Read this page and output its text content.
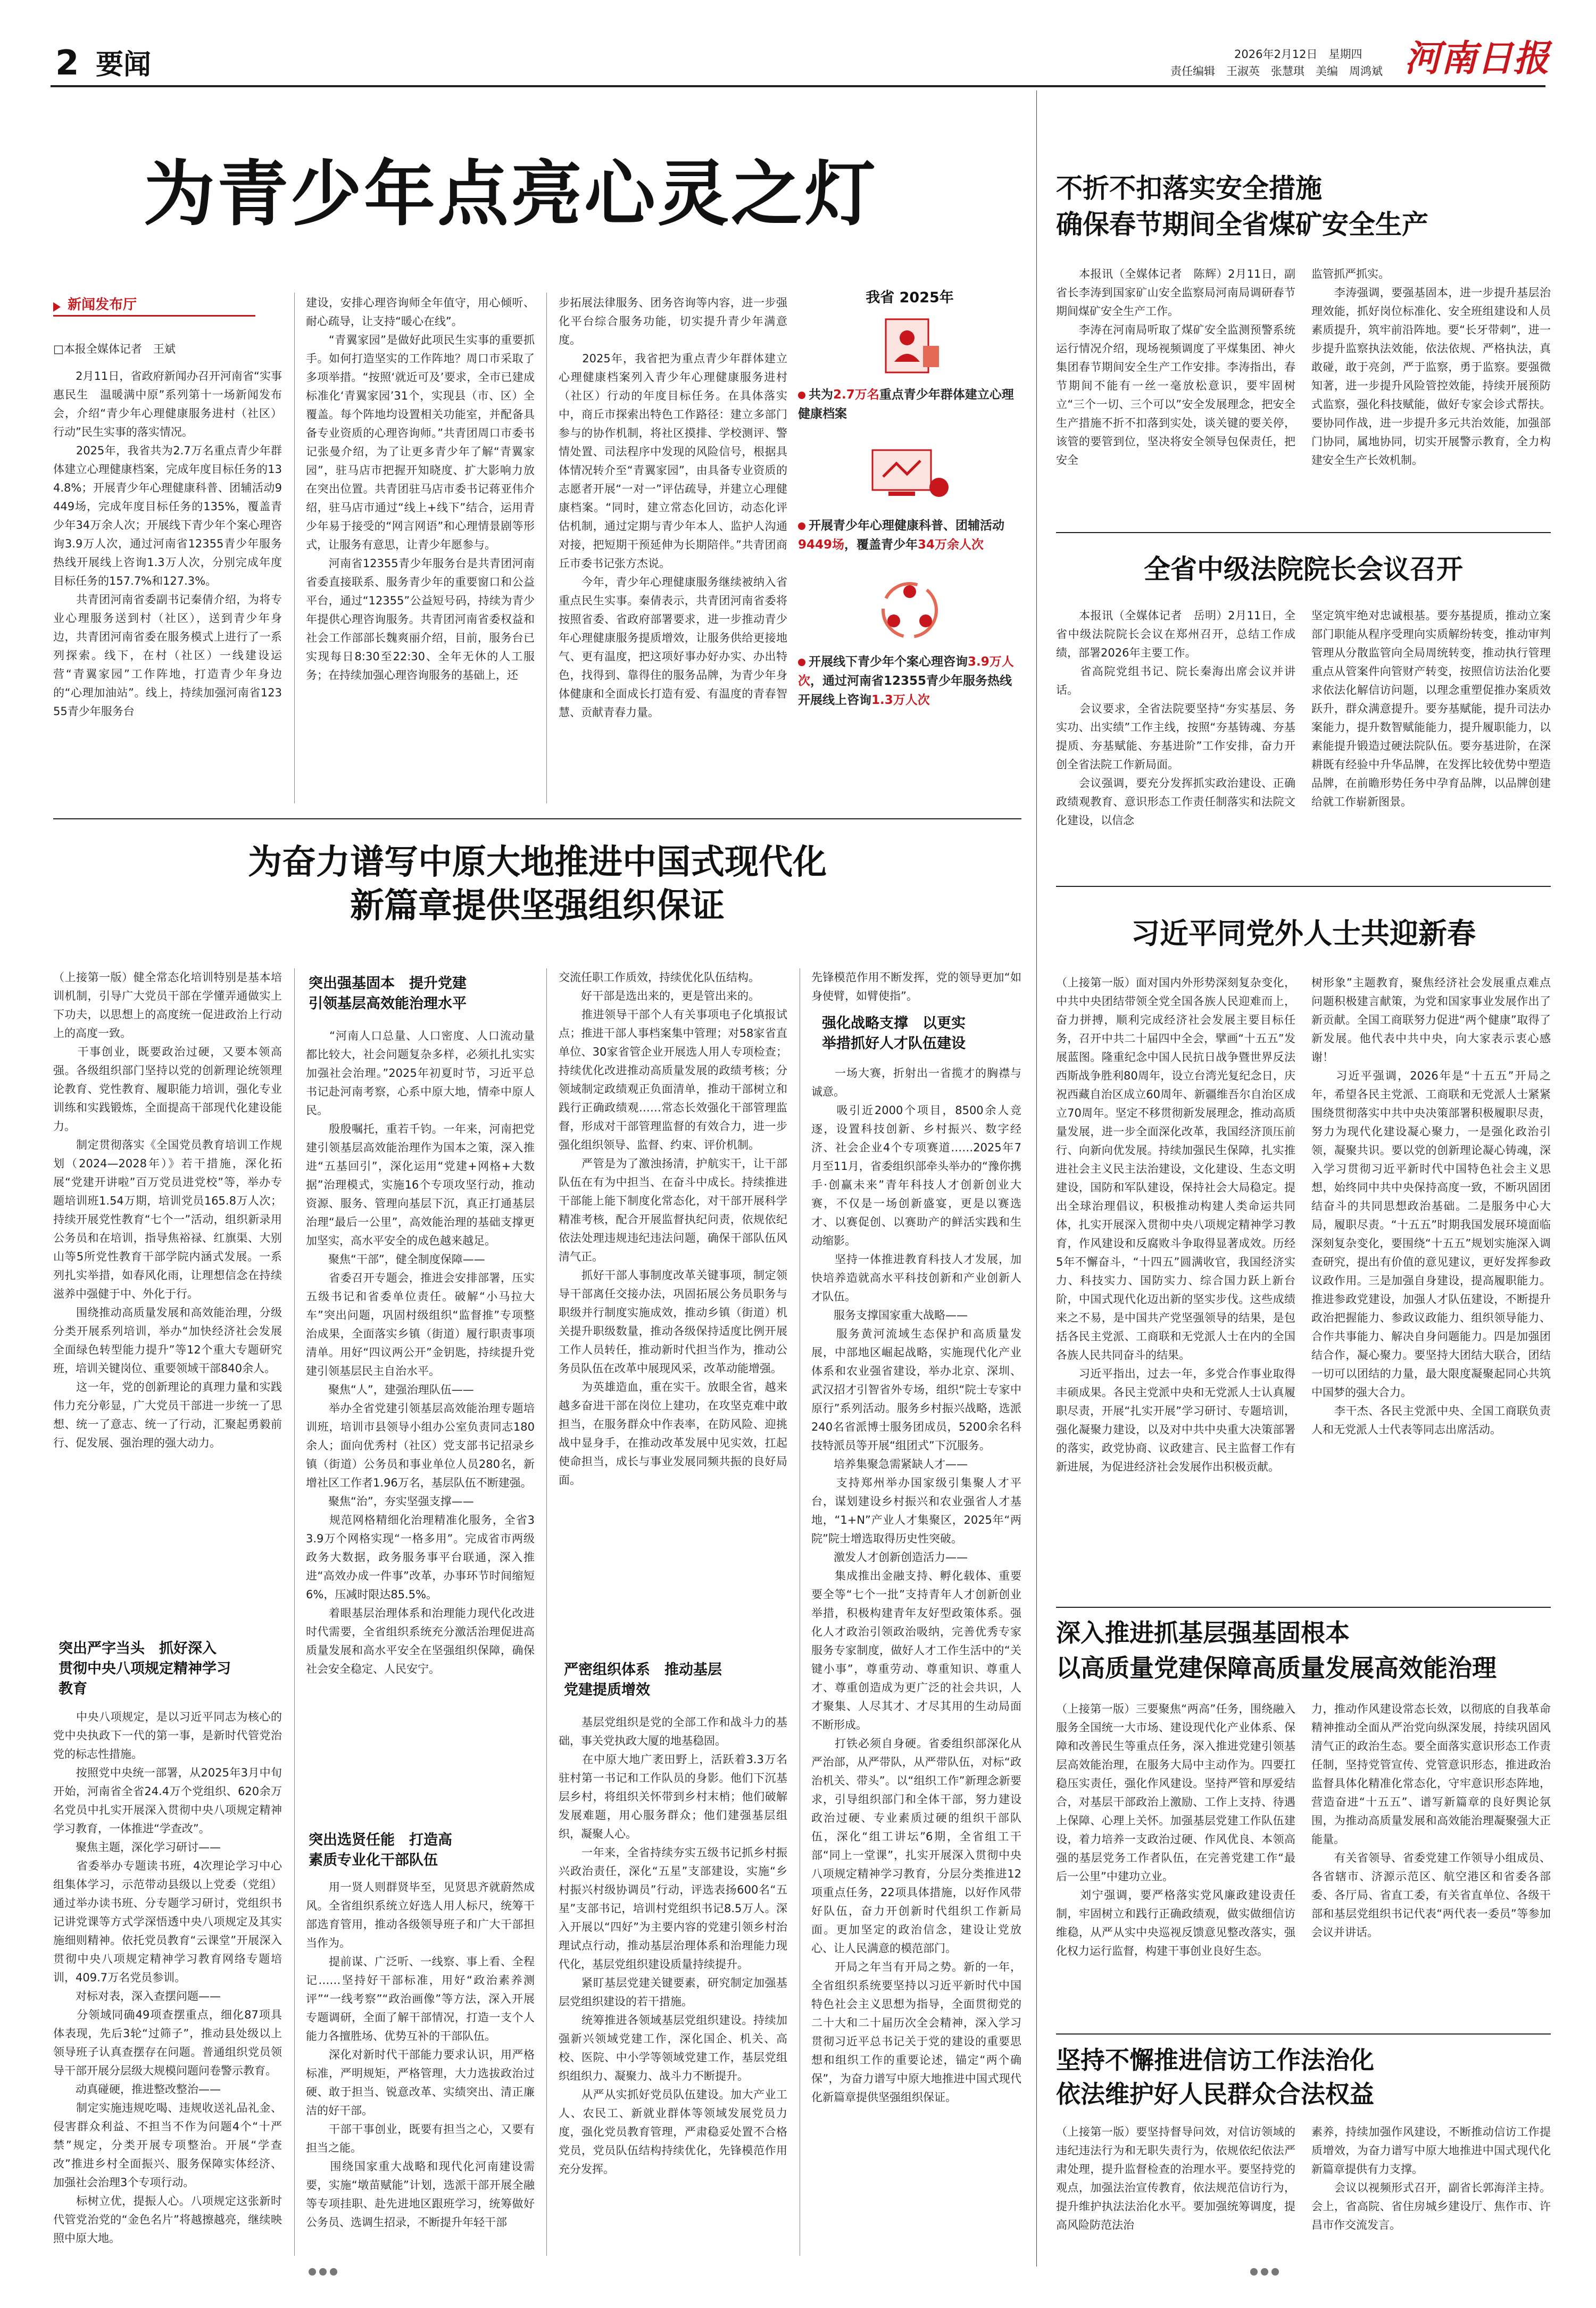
2 要闻	2026年2月12日　星期四
责任编辑　王淑英　张慧琪　美编　周鸿斌 河南日报
为青少年点亮心灵之灯
新闻发布厅
□本报全媒体记者　王斌
　　2月11日，省政府新闻办召开河南省“实事惠民生　温暖满中原”系列第十一场新闻发布会，介绍“青少年心理健康服务进村（社区）行动”民生实事的落实情况。
　　2025年，我省共为2.7万名重点青少年群体建立心理健康档案，完成年度目标任务的134.8%；开展青少年心理健康科普、团辅活动9449场，完成年度目标任务的135%，覆盖青少年34万余人次；开展线下青少年个案心理咨询3.9万人次，通过河南省12355青少年服务热线开展线上咨询1.3万人次，分别完成年度目标任务的157.7%和127.3%。
　　共青团河南省委副书记秦倩介绍，为将专业心理服务送到村（社区），送到青少年身边，共青团河南省委在服务模式上进行了一系列探索。线下，在村（社区）一线建设运营“青翼家园”工作阵地，打造青少年身边的“心理加油站”。线上，持续加强河南省12355青少年服务台
建设，安排心理咨询师全年值守，用心倾听、耐心疏导，让支持“暖心在线”。
　　“青翼家园”是做好此项民生实事的重要抓手。如何打造坚实的工作阵地？周口市采取了多项举措。“按照‘就近可及’要求，全市已建成标准化‘青翼家园’31个，实现县（市、区）全覆盖。每个阵地均设置相关功能室，并配备具备专业资质的心理咨询师。”共青团周口市委书记张曼介绍，为了让更多青少年了解“青翼家园”，驻马店市把握开知晓度、扩大影响力放在突出位置。共青团驻马店市委书记蒋亚伟介绍，驻马店市通过“线上+线下”结合，运用青少年易于接受的“网言网语”和心理情景剧等形式，让服务有意思，让青少年愿参与。
　　河南省12355青少年服务台是共青团河南省委直接联系、服务青少年的重要窗口和公益平台，通过“12355”公益短号码，持续为青少年提供心理咨询服务。共青团河南省委权益和社会工作部部长魏爽丽介绍，目前，服务台已实现每日8:30至22:30、全年无休的人工服务；在持续加强心理咨询服务的基础上，还
步拓展法律服务、团务咨询等内容，进一步强化平台综合服务功能，切实提升青少年满意度。
　　2025年，我省把为重点青少年群体建立心理健康档案列入青少年心理健康服务进村（社区）行动的年度目标任务。在具体落实中，商丘市探索出特色工作路径：建立多部门参与的协作机制，将社区摸排、学校测评、警情处置、司法程序中发现的风险信号，根据具体情况转介至“青翼家园”，由具备专业资质的志愿者开展“一对一”评估疏导，并建立心理健康档案。“同时，建立常态化回访，动态化评估机制，通过定期与青少年本人、监护人沟通对接，把短期干预延伸为长期陪伴。”共青团商丘市委书记张方杰说。
　　今年，青少年心理健康服务继续被纳入省重点民生实事。秦倩表示，共青团河南省委将按照省委、省政府部署要求，进一步推动青少年心理健康服务提质增效，让服务供给更接地气、更有温度，把这项好事办好办实、办出特色，找得到、靠得住的服务品牌，为青少年身体健康和全面成长打造有爱、有温度的青春智慧、贡献青春力量。
我省 2025年
共为2.7万名重点青少年群体建立心理健康档案
开展青少年心理健康科普、团辅活动9449场，覆盖青少年34万余人次
开展线下青少年个案心理咨询3.9万人次，通过河南省12355青少年服务热线开展线上咨询1.3万人次
为奋力谱写中原大地推进中国式现代化
新篇章提供坚强组织保证
（上接第一版）健全常态化培训特别是基本培训机制，引导广大党员干部在学懂弄通做实上下功夫，以思想上的高度统一促进政治上行动上的高度一致。
　　干事创业，既要政治过硬，又要本领高强。各级组织部门坚持以党的创新理论统领理论教育、党性教育、履职能力培训，强化专业训练和实践锻炼，全面提高干部现代化建设能力。
　　制定贯彻落实《全国党员教育培训工作规划（2024—2028年）》若干措施，深化拓展“党建开讲啦”百万党员进党校”等，举办专题培训班1.54万期，培训党员165.8万人次；持续开展党性教育“七个一”活动，组织新录用公务员和在培训，指导焦裕禄、红旗渠、大别山等5所党性教育干部学院内涵式发展。一系列扎实举措，如春风化雨，让理想信念在持续滋养中强健于中、外化于行。
　　围绕推动高质量发展和高效能治理，分级分类开展系列培训，举办“加快经济社会发展全面绿色转型能力提升”等12个重大专题研究班，培训关键岗位、重要领域干部840余人。
　　这一年，党的创新理论的真理力量和实践伟力充分彰显，广大党员干部进一步统一了思想、统一了意志、统一了行动，汇聚起勇毅前行、促发展、强治理的强大动力。
突出严字当头　抓好深入
贯彻中央八项规定精神学习
教育
　　中央八项规定，是以习近平同志为核心的党中央执政下一代的第一事，是新时代管党治党的标志性措施。
　　按照党中央统一部署，从2025年3月中旬开始，河南省全省24.4万个党组织、620余万名党员中扎实开展深入贯彻中央八项规定精神学习教育，一体推进“学查改”。
　　聚焦主题，深化学习研讨——
　　省委举办专题读书班，4次理论学习中心组集体学习，示范带动县级以上党委（党组）通过举办读书班、分专题学习研讨，党组织书记讲党课等方式学深悟透中央八项规定及其实施细则精神。依托党员教育“云课堂”开展深入贯彻中央八项规定精神学习教育网络专题培训，409.7万名党员参训。
　　对标对表，深入查摆问题——
　　分领域同确49项查摆重点，细化87项具体表现，先后3轮“过筛子”，推动县处级以上领导班子认真查摆存在问题。普通组织党员领导干部开展分层级大规模问题问卷警示教育。
　　动真碰硬，推进整改整治——
　　制定实施违规吃喝、违规收送礼品礼金、侵害群众利益、不担当不作为问题4个“十严禁”规定，分类开展专项整治。开展“学查改”推进乡村全面振兴、服务保障实体经济、加强社会治理3个专项行动。
　　标树立优，提振人心。八项规定这张新时代管党治党的“金色名片”将越擦越亮，继续映照中原大地。
突出强基固本　提升党建
引领基层高效能治理水平
　　“河南人口总量、人口密度、人口流动量都比较大，社会问题复杂多样，必须扎扎实实加强社会治理。”2025年初夏时节，习近平总书记赴河南考察，心系中原大地，情牵中原人民。
　　殷殷嘱托，重若千钧。一年来，河南把党建引领基层高效能治理作为国本之策，深入推进“五基回引”，深化运用“党建+网格+大数据”治理模式，实施16个专项攻坚行动，推动资源、服务、管理向基层下沉，真正打通基层治理“最后一公里”，高效能治理的基础支撑更加坚实，高水平安全的成色越来越足。
　　聚焦“干部”，健全制度保障——
　　省委召开专题会，推进会安排部署，压实五级书记和省委单位责任。破解“小马拉大车”突出问题，巩固村级组织“监督推”专项整治成果，全面落实乡镇（街道）履行职责事项清单。用好“四议两公开”金钥匙，持续提升党建引领基层民主自治水平。
　　聚焦“人”，建强治理队伍——
　　举办全省党建引领基层高效能治理专题培训班，培训市县领导小组办公室负责同志180余人；面向优秀村（社区）党支部书记招录乡镇（街道）公务员和事业单位人员280名，新增社区工作者1.96万名，基层队伍不断建强。
　　聚焦“治”，夯实坚强支撑——
　　规范网格精细化治理精准化服务，全省33.9万个网格实现“一格多用”。完成省市两级政务大数据，政务服务事平台联通，深入推进“高效办成一件事”改革，办事环节时间缩短6%，压减时限达85.5%。
　　着眼基层治理体系和治理能力现代化改进时代需要，全省组织系统充分激活治理促进高质量发展和高水平安全在坚强组织保障，确保社会安全稳定、人民安宁。
突出选贤任能　打造高
素质专业化干部队伍
　　用一贤人则群贤毕至，见贤思齐就蔚然成风。全省组织系统立好选人用人标尺，统筹干部选育管用，推动各级领导班子和广大干部担当作为。
　　提前谋、广泛听、一线察、事上看、全程记……坚持好干部标准，用好“政治素养测评”“一线考察”“政治画像”等方法，深入开展专题调研，全面了解干部情况，打造一支个人能力各擅胜场、优势互补的干部队伍。
　　深化对新时代干部能力要求认识，用严格标准，严明规矩，严格管理，大力选拔政治过硬、敢于担当、锐意改革、实绩突出、清正廉洁的好干部。
　　干部干事创业，既要有担当之心，又要有担当之能。
　　围绕国家重大战略和现代化河南建设需要，实施“墩苗赋能”计划，选派干部开展全融等专项挂职、赴先进地区跟班学习，统筹做好公务员、选调生招录，不断提升年轻干部
交流任职工作质效，持续优化队伍结构。
　　好干部是选出来的，更是管出来的。
　　推进领导干部个人有关事项电子化填报试点；推进干部人事档案集中管理；对58家省直单位、30家省管企业开展选人用人专项检查；持续优化改进推动高质量发展的政绩考核；分领域制定政绩观正负面清单，推动干部树立和践行正确政绩观……常态长效强化干部管理监督，形成对干部管理监督的有效合力，进一步强化组织领导、监督、约束、评价机制。
　　严管是为了激浊扬清，护航实干，让干部队伍在有为中担当、在奋斗中成长。持续推进干部能上能下制度化常态化，对干部开展科学精准考核，配合开展监督执纪问责，依规依纪依法处理违规违纪违法问题，确保干部队伍风清气正。
　　抓好干部人事制度改革关键事项，制定领导干部离任交接办法，巩固拓展公务员职务与职级并行制度实施成效，推动乡镇（街道）机关提升职级数量，推动各级保持适度比例开展工作人员转任，推动新时代担当作为，推动公务员队伍在改革中展现风采，改革动能增强。
　　为英雄造血，重在实干。放眼全省，越来越多奋进干部在岗位上建功，在攻坚克难中敢担当，在服务群众中作表率，在防风险、迎挑战中显身手，在推动改革发展中见实效，扛起使命担当，成长与事业发展同频共振的良好局面。
严密组织体系　推动基层
党建提质增效
　　基层党组织是党的全部工作和战斗力的基础，事关党执政大厦的地基稳固。
　　在中原大地广袤田野上，活跃着3.3万名驻村第一书记和工作队员的身影。他们下沉基层乡村，将组织关怀带到乡村末梢；他们破解发展难题，用心服务群众；他们建强基层组织，凝聚人心。
　　一年来，全省持续夯实五级书记抓乡村振兴政治责任，深化“五星”支部建设，实施“乡村振兴村级协调员”行动，评选表扬600名“五星”支部书记，培训村党组织书记8.5万人。深入开展以“四好”为主要内容的党建引领乡村治理试点行动，推动基层治理体系和治理能力现代化，基层党组织建设质量持续提升。
　　紧盯基层党建关键要素，研究制定加强基层党组织建设的若干措施。
　　统筹推进各领域基层党组织建设。持续加强新兴领域党建工作，深化国企、机关、高校、医院、中小学等领域党建工作，基层党组织组织力、凝聚力、战斗力不断提升。
　　从严从实抓好党员队伍建设。加大产业工人、农民工、新就业群体等领域发展党员力度，强化党员教育管理，严肃稳妥处置不合格党员，党员队伍结构持续优化，先锋模范作用充分发挥。
先锋模范作用不断发挥，党的领导更加“如身使臂，如臂使指”。
强化战略支撑　以更实
举措抓好人才队伍建设
　　一场大赛，折射出一省揽才的胸襟与诚意。
　　吸引近2000个项目，8500余人竞逐，设置科技创新、乡村振兴、数字经济、社会企业4个专项赛道……2025年7月至11月，省委组织部牵头举办的“豫你携手·创赢未来”青年科技人才创新创业大赛，不仅是一场创新盛宴，更是以赛选才、以赛促创、以赛助产的鲜活实践和生动缩影。
　　坚持一体推进教育科技人才发展，加快培养造就高水平科技创新和产业创新人才队伍。
　　服务支撑国家重大战略——
　　服务黄河流域生态保护和高质量发展，中部地区崛起战略，实施现代化产业体系和农业强省建设，举办北京、深圳、武汉招才引智省外专场，组织“院士专家中原行”系列活动。服务乡村振兴战略，选派240名省派博士服务团成员，5200余名科技特派员等开展“组团式”下沉服务。
　　培养集聚急需紧缺人才——
　　支持郑州举办国家级引集聚人才平台，谋划建设乡村振兴和农业强省人才基地，“1+N”产业人才集聚区，2025年“两院”院士增选取得历史性突破。
　　激发人才创新创造活力——
　　集成推出金融支持、孵化载体、重要要全等“七个一批”支持青年人才创新创业举措，积极构建青年友好型政策体系。强化人才政治引领政治吸纳，完善优秀专家服务专家制度，做好人才工作生活中的“关键小事”，尊重劳动、尊重知识、尊重人才、尊重创造成为更广泛的社会共识，人才聚集、人尽其才、才尽其用的生动局面不断形成。
　　打铁必须自身硬。省委组织部深化从严治部，从严带队，从严带队伍，对标“政治机关、带头”。以“组织工作”新理念新要求，引导组织部门和全体干部，努力建设政治过硬、专业素质过硬的组织干部队伍，深化“组工讲坛”6期，全省组工干部“同上一堂课”，扎实开展深入贯彻中央八项规定精神学习教育，分层分类推进12项重点任务，22项具体措施，以好作风带好队伍，奋力开创新时代组织工作新局面。更加坚定的政治信念，建设让党放心、让人民满意的模范部门。
　　开局之年当有开局之势。新的一年，全省组织系统要坚持以习近平新时代中国特色社会主义思想为指导，全面贯彻党的二十大和二十届历次全会精神，深入学习贯彻习近平总书记关于党的建设的重要思想和组织工作的重要论述，锚定“两个确保”，为奋力谱写中原大地推进中国式现代化新篇章提供坚强组织保证。
不折不扣落实安全措施
确保春节期间全省煤矿安全生产
　　本报讯（全媒体记者　陈辉）2月11日，副省长李涛到国家矿山安全监察局河南局调研春节期间煤矿安全生产工作。
　　李涛在河南局听取了煤矿安全监测预警系统运行情况介绍，现场视频调度了平煤集团、神火集团春节期间安全生产工作安排。李涛指出，春节期间不能有一丝一毫放松意识，要牢固树立“三个一切、三个可以”安全发展理念，把安全生产措施不折不扣落到实处，谈关键的要关停，该管的要管到位，坚决将安全领导包保责任，把安全
监管抓严抓实。
　　李涛强调，要强基固本，进一步提升基层治理效能，抓好岗位标准化、安全班组建设和人员素质提升，筑牢前沿阵地。要“长牙带刺”，进一步提升监察执法效能，依法依规、严格执法，真敢碰，敢于亮剑，严于监察，勇于监察。要强微知著，进一步提升风险管控效能，持续开展预防式监察，强化科技赋能，做好专家会诊式帮扶。要协同作战，进一步提升多元共治效能，加强部门协同，属地协同，切实开展警示教育，全力构建安全生产长效机制。
全省中级法院院长会议召开
　　本报讯（全媒体记者　岳明）2月11日，全省中级法院院长会议在郑州召开，总结工作成绩，部署2026年主要工作。
　　省高院党组书记、院长秦海出席会议并讲话。
　　会议要求，全省法院要坚持“夯实基层、务实功、出实绩”工作主线，按照“夯基铸魂、夯基提质、夯基赋能、夯基进阶”工作安排，奋力开创全省法院工作新局面。
　　会议强调，要充分发挥抓实政治建设、正确政绩观教育、意识形态工作责任制落实和法院文化建设，以信念
坚定筑牢绝对忠诚根基。要夯基提质，推动立案部门职能从程序受理向实质解纷转变，推动审判管理从分散监管向全局周统转变，推动执行管理重点从管案件向管财产转变，按照信访法治化要求依法化解信访问题，以理念重塑促推办案质效跃升，群众满意提升。要夯基赋能，提升司法办案能力，提升数智赋能能力，提升履职能力，以素能提升锻造过硬法院队伍。要夯基进阶，在深耕既有经验中升华品牌，在发挥比较优势中塑造品牌，在前瞻形势任务中孕育品牌，以品牌创建给就工作崭新图景。
习近平同党外人士共迎新春
（上接第一版）面对国内外形势深刻复杂变化，中共中央团结带领全党全国各族人民迎难而上，奋力拼搏，顺利完成经济社会发展主要目标任务，召开中共二十届四中全会，擘画“十五五”发展蓝图。隆重纪念中国人民抗日战争暨世界反法西斯战争胜利80周年，设立台湾光复纪念日，庆祝西藏自治区成立60周年、新疆维吾尔自治区成立70周年。坚定不移贯彻新发展理念，推动高质量发展，进一步全面深化改革，我国经济顶压前行、向新向优发展。持续加强民生保障，扎实推进社会主义民主法治建设，文化建设、生态文明建设，国防和军队建设，保持社会大局稳定。提出全球治理倡议，积极推动构建人类命运共同体，扎实开展深入贯彻中央八项规定精神学习教育，作风建设和反腐败斗争取得显著成效。历经5年不懈奋斗，“十四五”圆满收官，我国经济实力、科技实力、国防实力、综合国力跃上新台阶，中国式现代化迈出新的坚实步伐。这些成绩来之不易，是中国共产党坚强领导的结果，是包括各民主党派、工商联和无党派人士在内的全国各族人民共同奋斗的结果。
　　习近平指出，过去一年，多党合作事业取得丰硕成果。各民主党派中央和无党派人士认真履职尽责，开展“扎实开展”学习研讨、专题培训，强化凝聚力建设，以及对中共中央重大决策部署的落实，政党协商、议政建言、民主监督工作有新进展，为促进经济社会发展作出积极贡献。
树形象”主题教育，聚焦经济社会发展重点难点问题积极建言献策，为党和国家事业发展作出了新贡献。全国工商联努力促进“两个健康”取得了新发展。他代表中共中央，向大家表示衷心感谢！
　　习近平强调，2026年是“十五五”开局之年，希望各民主党派、工商联和无党派人士紧紧围绕贯彻落实中共中央决策部署积极履职尽责，努力为现代化建设凝心聚力，一是强化政治引领，凝聚共识。要以党的创新理论凝心铸魂，深入学习贯彻习近平新时代中国特色社会主义思想，始终同中共中央保持高度一致，不断巩固团结奋斗的共同思想政治基础。二是服务中心大局，履职尽责。“十五五”时期我国发展环境面临深刻复杂变化，要围绕“十五五”规划实施深入调查研究，提出有价值的意见建议，更好发挥参政议政作用。三是加强自身建设，提高履职能力。推进参政党建设，加强人才队伍建设，不断提升政治把握能力、参政议政能力、组织领导能力、合作共事能力、解决自身问题能力。四是加强团结合作，凝心聚力。要坚持大团结大联合，团结一切可以团结的力量，最大限度凝聚起同心共筑中国梦的强大合力。
　　李干杰、各民主党派中央、全国工商联负责人和无党派人士代表等同志出席活动。
深入推进抓基层强基固根本
以高质量党建保障高质量发展高效能治理
（上接第一版）三要聚焦“两高”任务，围绕融入服务全国统一大市场、建设现代化产业体系、保障和改善民生等重点任务，深入推进党建引领基层高效能治理，在服务大局中主动作为。四要扛稳压实责任，强化作风建设。坚持严管和厚爱结合，对基层干部政治上激励、工作上支持、待遇上保障、心理上关怀。加强基层党建工作队伍建设，着力培养一支政治过硬、作风优良、本领高强的基层党务工作者队伍，在完善党建工作“最后一公里”中建功立业。
　　刘宁强调，要严格落实党风廉政建设责任制，牢固树立和践行正确政绩观，做实做细信访维稳，从严从实中央巡视反馈意见整改落实，强化权力运行监督，构建干事创业良好生态。
力，推动作风建设常态长效，以彻底的自我革命精神推动全面从严治党向纵深发展，持续巩固风清气正的政治生态。要全面落实意识形态工作责任制，坚持党管宣传、党管意识形态，推进政治监督具体化精准化常态化，守牢意识形态阵地，营造奋进“十五五”、谱写新篇章的良好舆论氛围，为推动高质量发展和高效能治理凝聚强大正能量。
　　有关省领导、省委党建工作领导小组成员、各省辖市、济源示范区、航空港区和省委各部委、各厅局、省直工委，有关省直单位、各级干部和基层党组织书记代表“两代表一委员”等参加会议并讲话。
坚持不懈推进信访工作法治化
依法维护好人民群众合法权益
（上接第一版）要坚持督导问效，对信访领域的违纪违法行为和无职失责行为，依规依纪依法严肃处理，提升监督检查的治理水平。要坚持党的观点，加强法治宣传教育，依法规范信访行为，提升维护执法法治化水平。要加强统筹调度，提高风险防范法治
素养，持续加强作风建设，不断推动信访工作提质增效，为奋力谱写中原大地推进中国式现代化新篇章提供有力支撑。
　　会议以视频形式召开，副省长郭海洋主持。会上，省高院、省住房城乡建设厅、焦作市、许昌市作交流发言。
